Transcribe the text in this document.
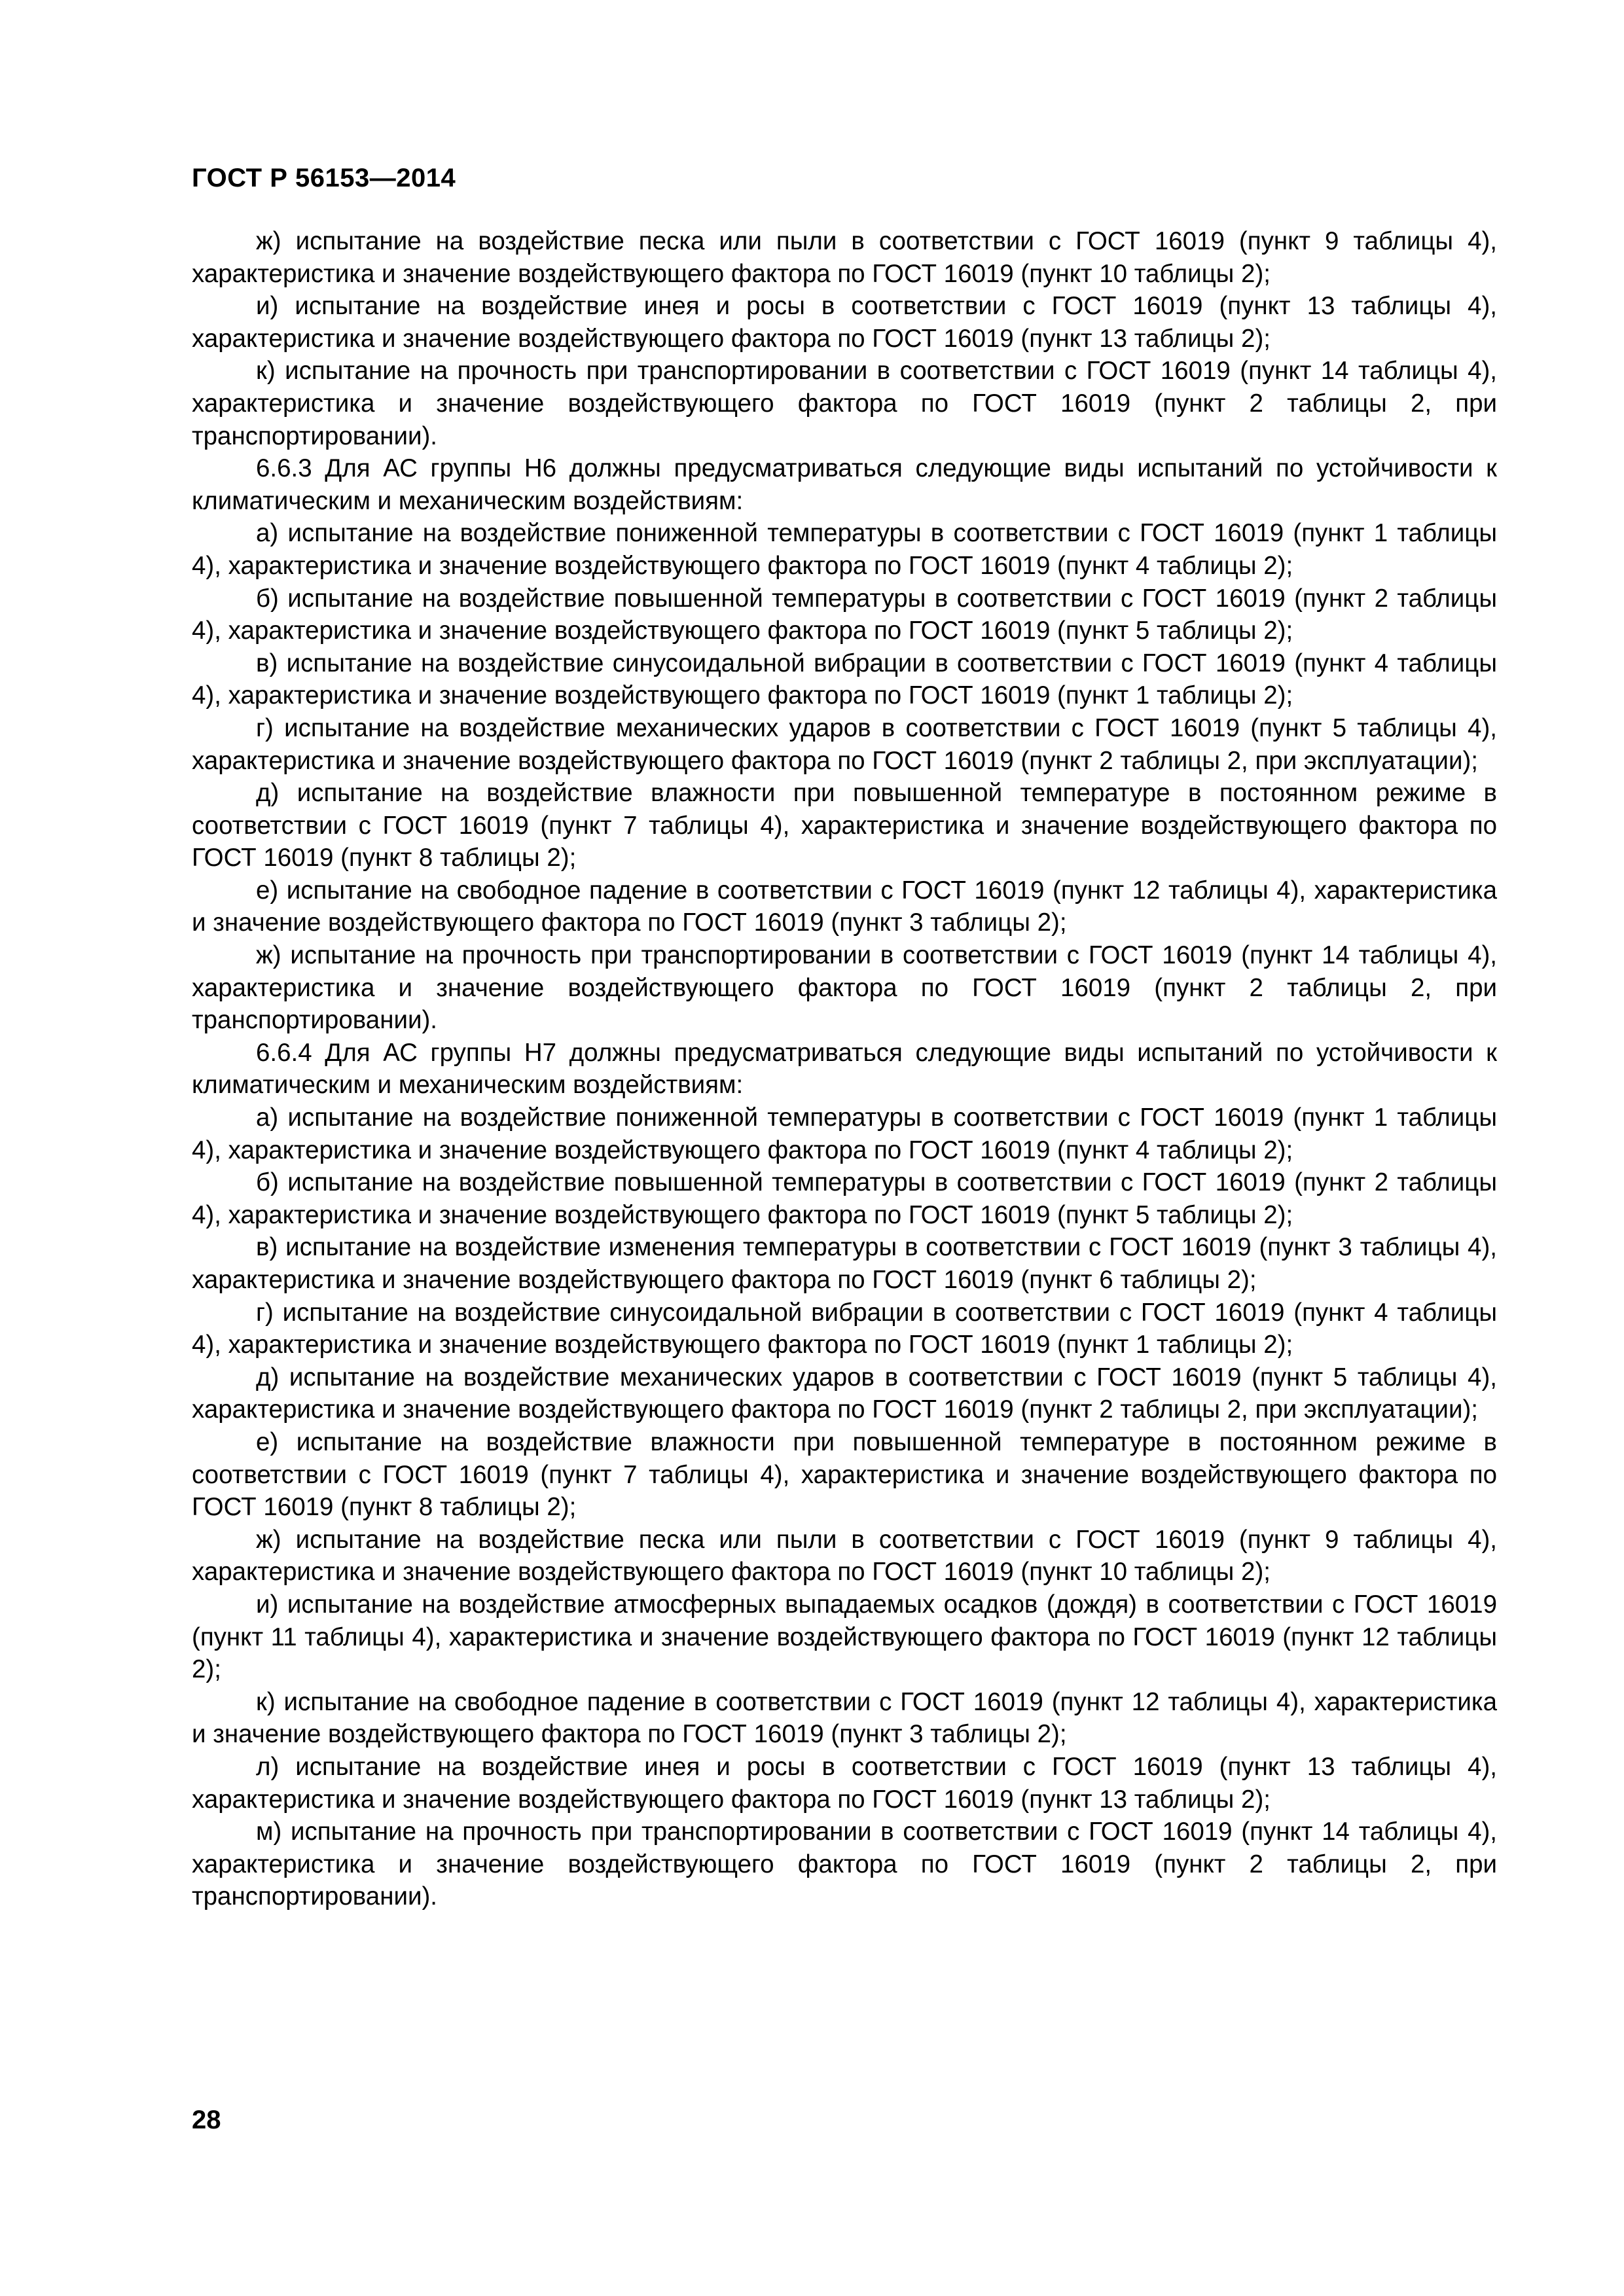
ГОСТ Р 56153—2014

ж) испытание на воздействие песка или пыли в соответствии с ГОСТ 16019 (пункт 9 таблицы 4), характеристика и значение воздействующего фактора по ГОСТ 16019 (пункт 10 таблицы 2);

и) испытание на воздействие инея и росы в соответствии с ГОСТ 16019 (пункт 13 таблицы 4), характеристика и значение воздействующего фактора по ГОСТ 16019 (пункт 13 таблицы 2);

к) испытание на прочность при транспортировании в соответствии с ГОСТ 16019 (пункт 14 таблицы 4), характеристика и значение воздействующего фактора по ГОСТ 16019 (пункт 2 таблицы 2, при транспортировании).

6.6.3 Для АС группы Н6 должны предусматриваться следующие виды испытаний по устойчивости к климатическим и механическим воздействиям:

а) испытание на воздействие пониженной температуры в соответствии с ГОСТ 16019 (пункт 1 таблицы 4), характеристика и значение воздействующего фактора по ГОСТ 16019 (пункт 4 таблицы 2);

б) испытание на воздействие повышенной температуры в соответствии с ГОСТ 16019 (пункт 2 таблицы 4), характеристика и значение воздействующего фактора по ГОСТ 16019 (пункт 5 таблицы 2);

в) испытание на воздействие синусоидальной вибрации в соответствии с ГОСТ 16019 (пункт 4 таблицы 4), характеристика и значение воздействующего фактора по ГОСТ 16019 (пункт 1 таблицы 2);

г) испытание на воздействие механических ударов в соответствии с ГОСТ 16019 (пункт 5 таблицы 4), характеристика и значение воздействующего фактора по ГОСТ 16019 (пункт 2 таблицы 2, при эксплуатации);

д) испытание на воздействие влажности при повышенной температуре в постоянном режиме в соответствии с ГОСТ 16019 (пункт 7 таблицы 4), характеристика и значение воздействующего фактора по ГОСТ 16019 (пункт 8 таблицы 2);

е) испытание на свободное падение в соответствии с ГОСТ 16019 (пункт 12 таблицы 4), характеристика и значение воздействующего фактора по ГОСТ 16019 (пункт 3 таблицы 2);

ж) испытание на прочность при транспортировании в соответствии с ГОСТ 16019 (пункт 14 таблицы 4), характеристика и значение воздействующего фактора по ГОСТ 16019 (пункт 2 таблицы 2, при транспортировании).

6.6.4 Для АС группы Н7 должны предусматриваться следующие виды испытаний по устойчивости к климатическим и механическим воздействиям:

а) испытание на воздействие пониженной температуры в соответствии с ГОСТ 16019 (пункт 1 таблицы 4), характеристика и значение воздействующего фактора по ГОСТ 16019 (пункт 4 таблицы 2);

б) испытание на воздействие повышенной температуры в соответствии с ГОСТ 16019 (пункт 2 таблицы 4), характеристика и значение воздействующего фактора по ГОСТ 16019 (пункт 5 таблицы 2);

в) испытание на воздействие изменения температуры в соответствии с ГОСТ 16019 (пункт 3 таблицы 4), характеристика и значение воздействующего фактора по ГОСТ 16019 (пункт 6 таблицы 2);

г) испытание на воздействие синусоидальной вибрации в соответствии с ГОСТ 16019 (пункт 4 таблицы 4), характеристика и значение воздействующего фактора по ГОСТ 16019 (пункт 1 таблицы 2);

д) испытание на воздействие механических ударов в соответствии с ГОСТ 16019 (пункт 5 таблицы 4), характеристика и значение воздействующего фактора по ГОСТ 16019 (пункт 2 таблицы 2, при эксплуатации);

е) испытание на воздействие влажности при повышенной температуре в постоянном режиме в соответствии с ГОСТ 16019 (пункт 7 таблицы 4), характеристика и значение воздействующего фактора по ГОСТ 16019 (пункт 8 таблицы 2);

ж) испытание на воздействие песка или пыли в соответствии с ГОСТ 16019 (пункт 9 таблицы 4), характеристика и значение воздействующего фактора по ГОСТ 16019 (пункт 10 таблицы 2);

и) испытание на воздействие атмосферных выпадаемых осадков (дождя) в соответствии с ГОСТ 16019 (пункт 11 таблицы 4), характеристика и значение воздействующего фактора по ГОСТ 16019 (пункт 12 таблицы 2);

к) испытание на свободное падение в соответствии с ГОСТ 16019 (пункт 12 таблицы 4), характеристика и значение воздействующего фактора по ГОСТ 16019 (пункт 3 таблицы 2);

л) испытание на воздействие инея и росы в соответствии с ГОСТ 16019 (пункт 13 таблицы 4), характеристика и значение воздействующего фактора по ГОСТ 16019 (пункт 13 таблицы 2);

м) испытание на прочность при транспортировании в соответствии с ГОСТ 16019 (пункт 14 таблицы 4), характеристика и значение воздействующего фактора по ГОСТ 16019 (пункт 2 таблицы 2, при транспортировании).

28
